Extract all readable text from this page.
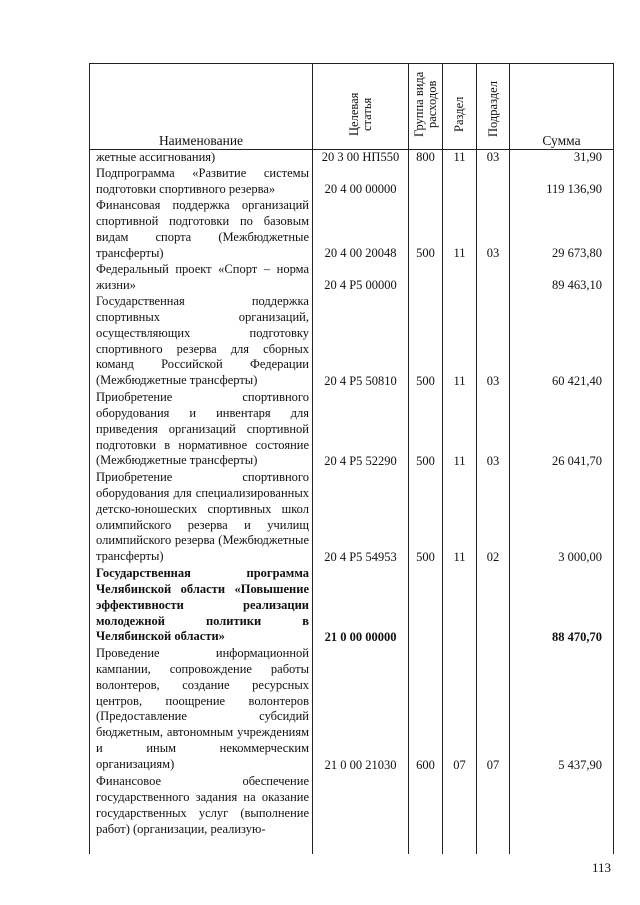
Наименование	Целевая статья	Группа вида расходов	Раздел	Подраздел	Сумма
жетные ассигнования)	20 3 00 НП550	800	11	03	31,90
Подпрограмма «Развитие системы подготовки спортивного резерва»	20 4 00 00000				119 136,90
Финансовая поддержка организаций спортивной подготовки по базовым видам спорта (Межбюджетные трансферты)	20 4 00 20048	500	11	03	29 673,80
Федеральный проект «Спорт – норма жизни»	20 4 Р5 00000				89 463,10
Государственная поддержка спортивных организаций, осуществляющих подготовку спортивного резерва для сборных команд Российской Федерации (Межбюджетные трансферты)	20 4 Р5 50810	500	11	03	60 421,40
Приобретение спортивного оборудования и инвентаря для приведения организаций спортивной подготовки в нормативное состояние (Межбюджетные трансферты)	20 4 Р5 52290	500	11	03	26 041,70
Приобретение спортивного оборудования для специализированных детско-юношеских спортивных школ олимпийского резерва и училищ олимпийского резерва (Межбюджетные трансферты)	20 4 Р5 54953	500	11	02	3 000,00
Государственная программа Челябинской области «Повышение эффективности реализации молодежной политики в Челябинской области»	21 0 00 00000				88 470,70
Проведение информационной кампании, сопровождение работы волонтеров, создание ресурсных центров, поощрение волонтеров (Предоставление субсидий бюджетным, автономным учреждениям и иным некоммерческим организациям)	21 0 00 21030	600	07	07	5 437,90
Финансовое обеспечение государственного задания на оказание государственных услуг (выполнение работ) (организации, реализую-					
113
